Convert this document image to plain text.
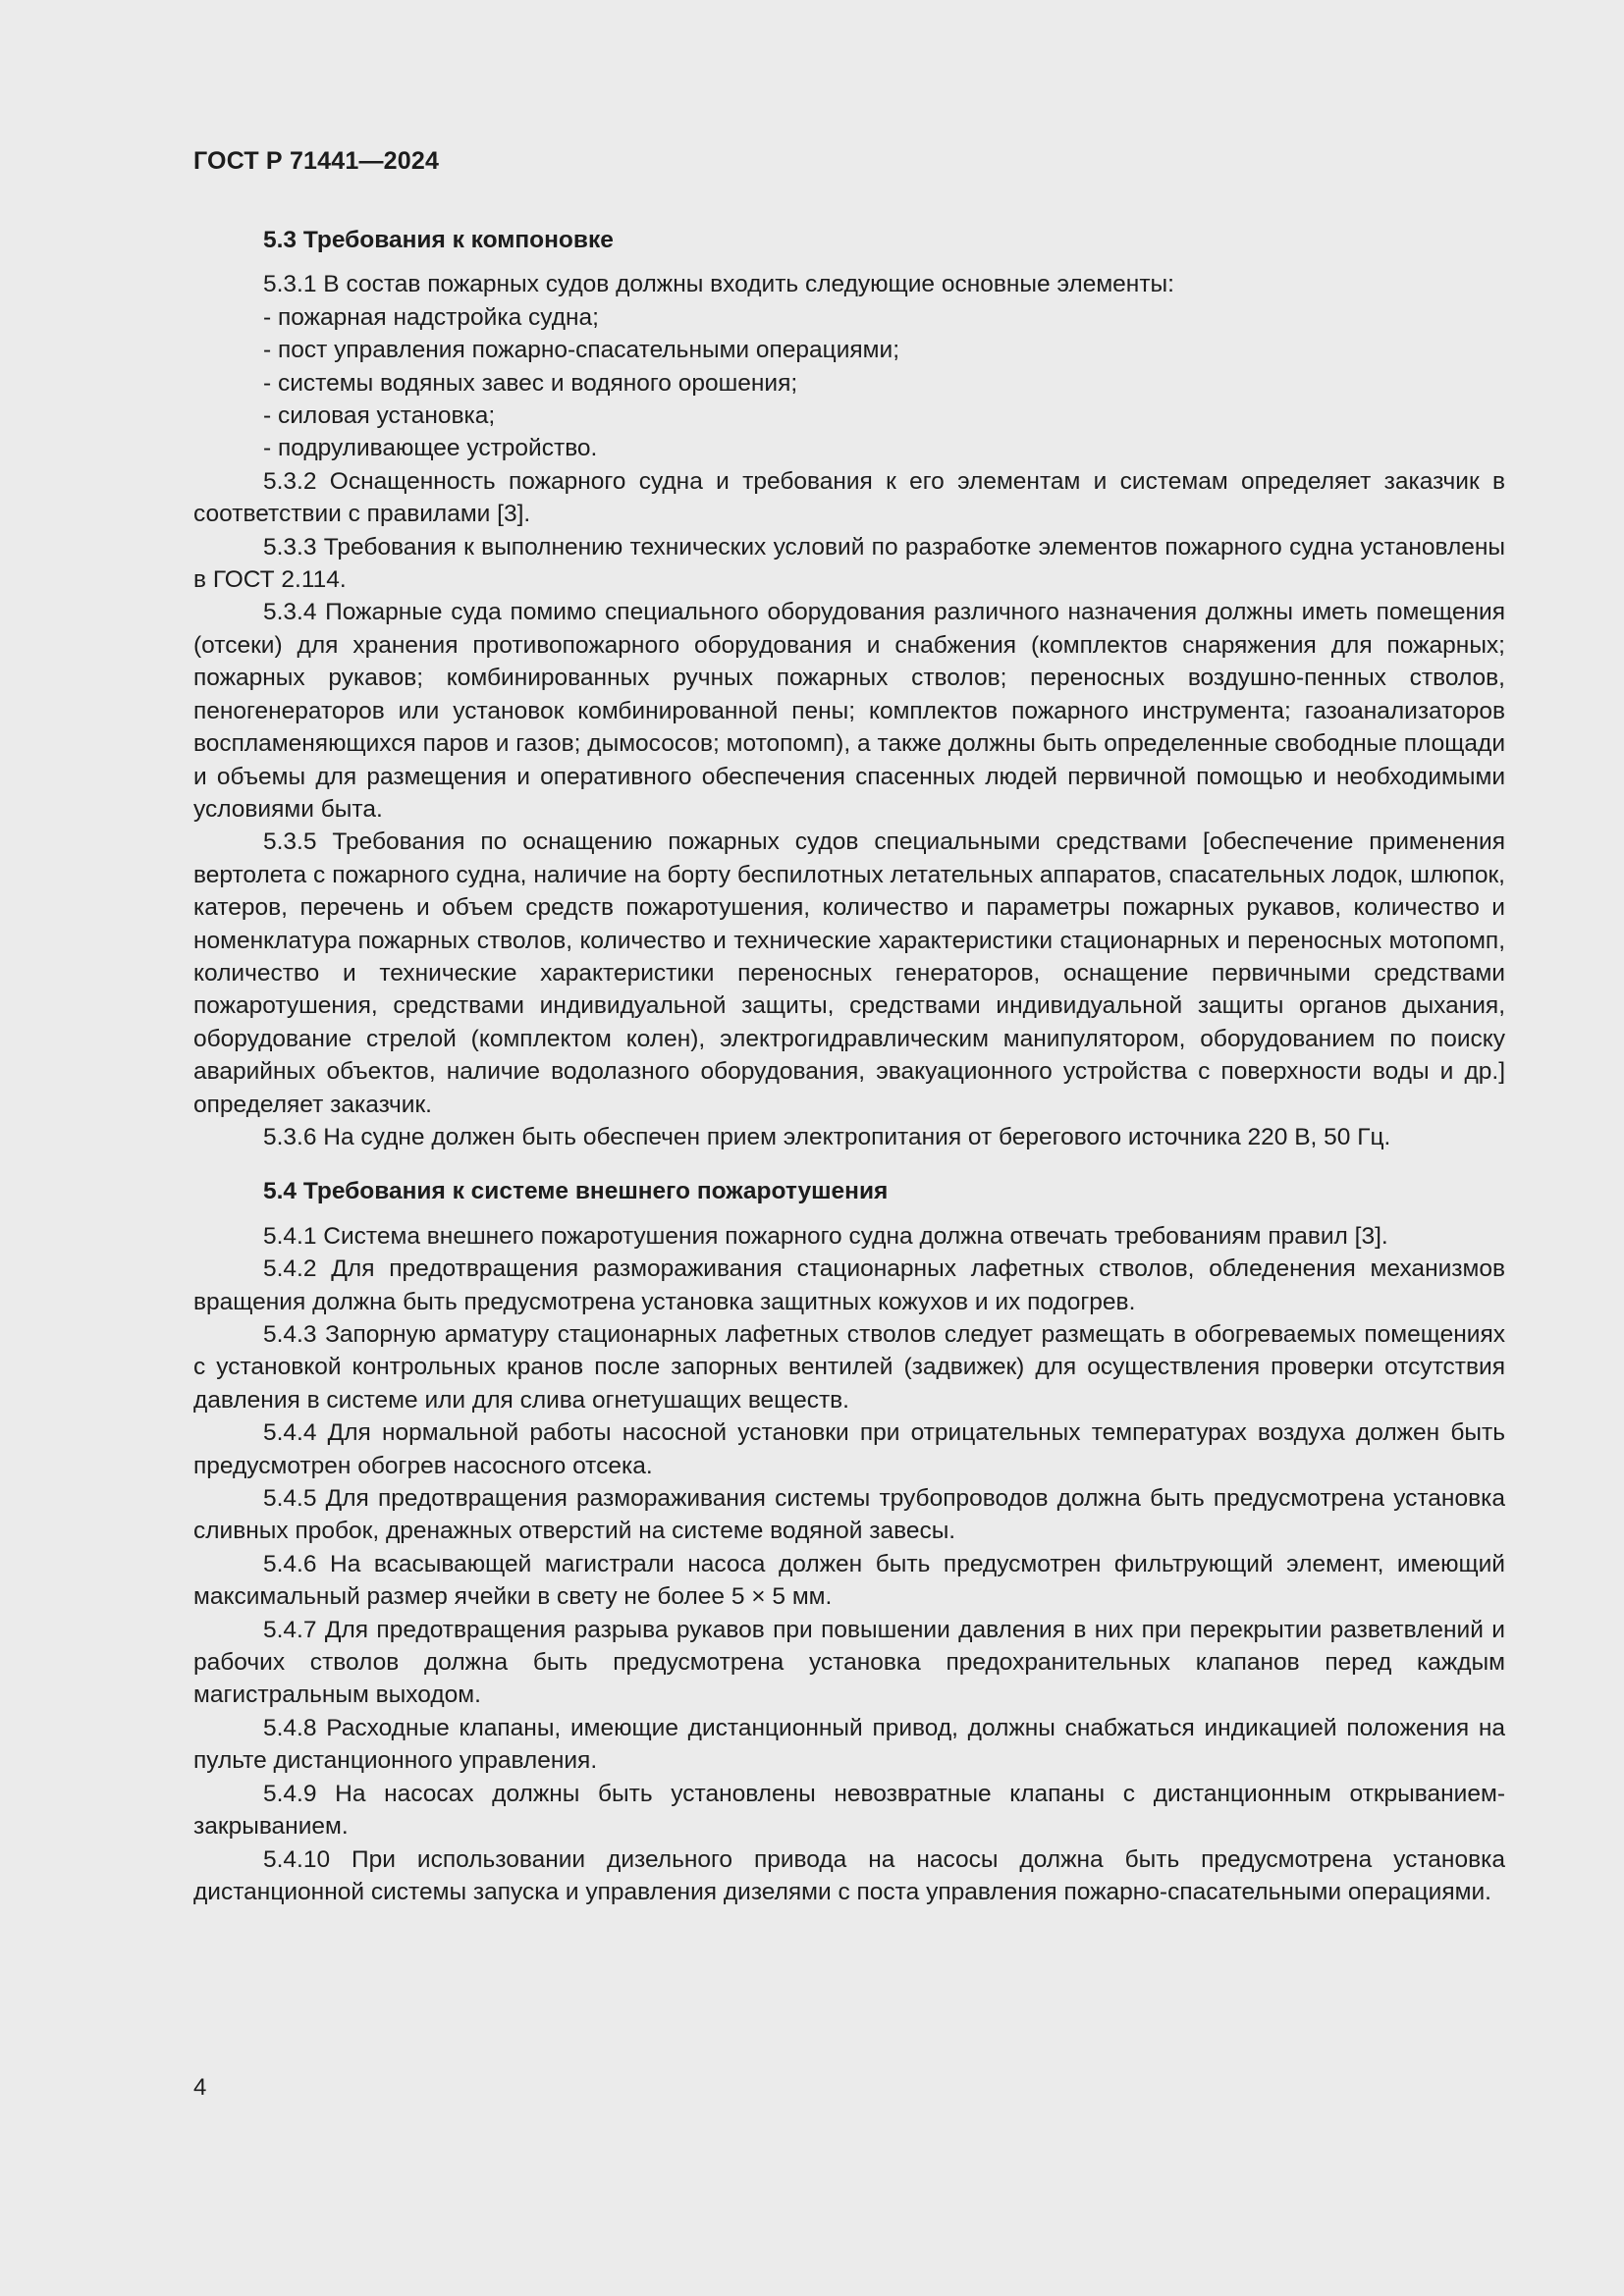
ГОСТ Р 71441—2024
5.3 Требования к компоновке

5.3.1 В состав пожарных судов должны входить следующие основные элементы:

- пожарная надстройка судна;

- пост управления пожарно-спасательными операциями;

- системы водяных завес и водяного орошения;

- силовая установка;

- подруливающее устройство.

5.3.2 Оснащенность пожарного судна и требования к его элементам и системам определяет заказчик в соответствии с правилами [3].

5.3.3 Требования к выполнению технических условий по разработке элементов пожарного судна установлены в ГОСТ 2.114.

5.3.4 Пожарные суда помимо специального оборудования различного назначения должны иметь помещения (отсеки) для хранения противопожарного оборудования и снабжения (комплектов снаряжения для пожарных; пожарных рукавов; комбинированных ручных пожарных стволов; переносных воздушно-пенных стволов, пеногенераторов или установок комбинированной пены; комплектов пожарного инструмента; газоанализаторов воспламеняющихся паров и газов; дымососов; мотопомп), а также должны быть определенные свободные площади и объемы для размещения и оперативного обеспечения спасенных людей первичной помощью и необходимыми условиями быта.

5.3.5 Требования по оснащению пожарных судов специальными средствами [обеспечение применения вертолета с пожарного судна, наличие на борту беспилотных летательных аппаратов, спасательных лодок, шлюпок, катеров, перечень и объем средств пожаротушения, количество и параметры пожарных рукавов, количество и номенклатура пожарных стволов, количество и технические характеристики стационарных и переносных мотопомп, количество и технические характеристики переносных генераторов, оснащение первичными средствами пожаротушения, средствами индивидуальной защиты, средствами индивидуальной защиты органов дыхания, оборудование стрелой (комплектом колен), электрогидравлическим манипулятором, оборудованием по поиску аварийных объектов, наличие водолазного оборудования, эвакуационного устройства с поверхности воды и др.] определяет заказчик.

5.3.6 На судне должен быть обеспечен прием электропитания от берегового источника 220 В, 50 Гц.

5.4 Требования к системе внешнего пожаротушения

5.4.1 Система внешнего пожаротушения пожарного судна должна отвечать требованиям правил [3].

5.4.2 Для предотвращения размораживания стационарных лафетных стволов, обледенения механизмов вращения должна быть предусмотрена установка защитных кожухов и их подогрев.

5.4.3 Запорную арматуру стационарных лафетных стволов следует размещать в обогреваемых помещениях с установкой контрольных кранов после запорных вентилей (задвижек) для осуществления проверки отсутствия давления в системе или для слива огнетушащих веществ.

5.4.4 Для нормальной работы насосной установки при отрицательных температурах воздуха должен быть предусмотрен обогрев насосного отсека.

5.4.5 Для предотвращения размораживания системы трубопроводов должна быть предусмотрена установка сливных пробок, дренажных отверстий на системе водяной завесы.

5.4.6 На всасывающей магистрали насоса должен быть предусмотрен фильтрующий элемент, имеющий максимальный размер ячейки в свету не более 5 × 5 мм.

5.4.7 Для предотвращения разрыва рукавов при повышении давления в них при перекрытии разветвлений и рабочих стволов должна быть предусмотрена установка предохранительных клапанов перед каждым магистральным выходом.

5.4.8 Расходные клапаны, имеющие дистанционный привод, должны снабжаться индикацией положения на пульте дистанционного управления.

5.4.9 На насосах должны быть установлены невозвратные клапаны с дистанционным открыванием-закрыванием.

5.4.10 При использовании дизельного привода на насосы должна быть предусмотрена установка дистанционной системы запуска и управления дизелями с поста управления пожарно-спасательными операциями.

4
